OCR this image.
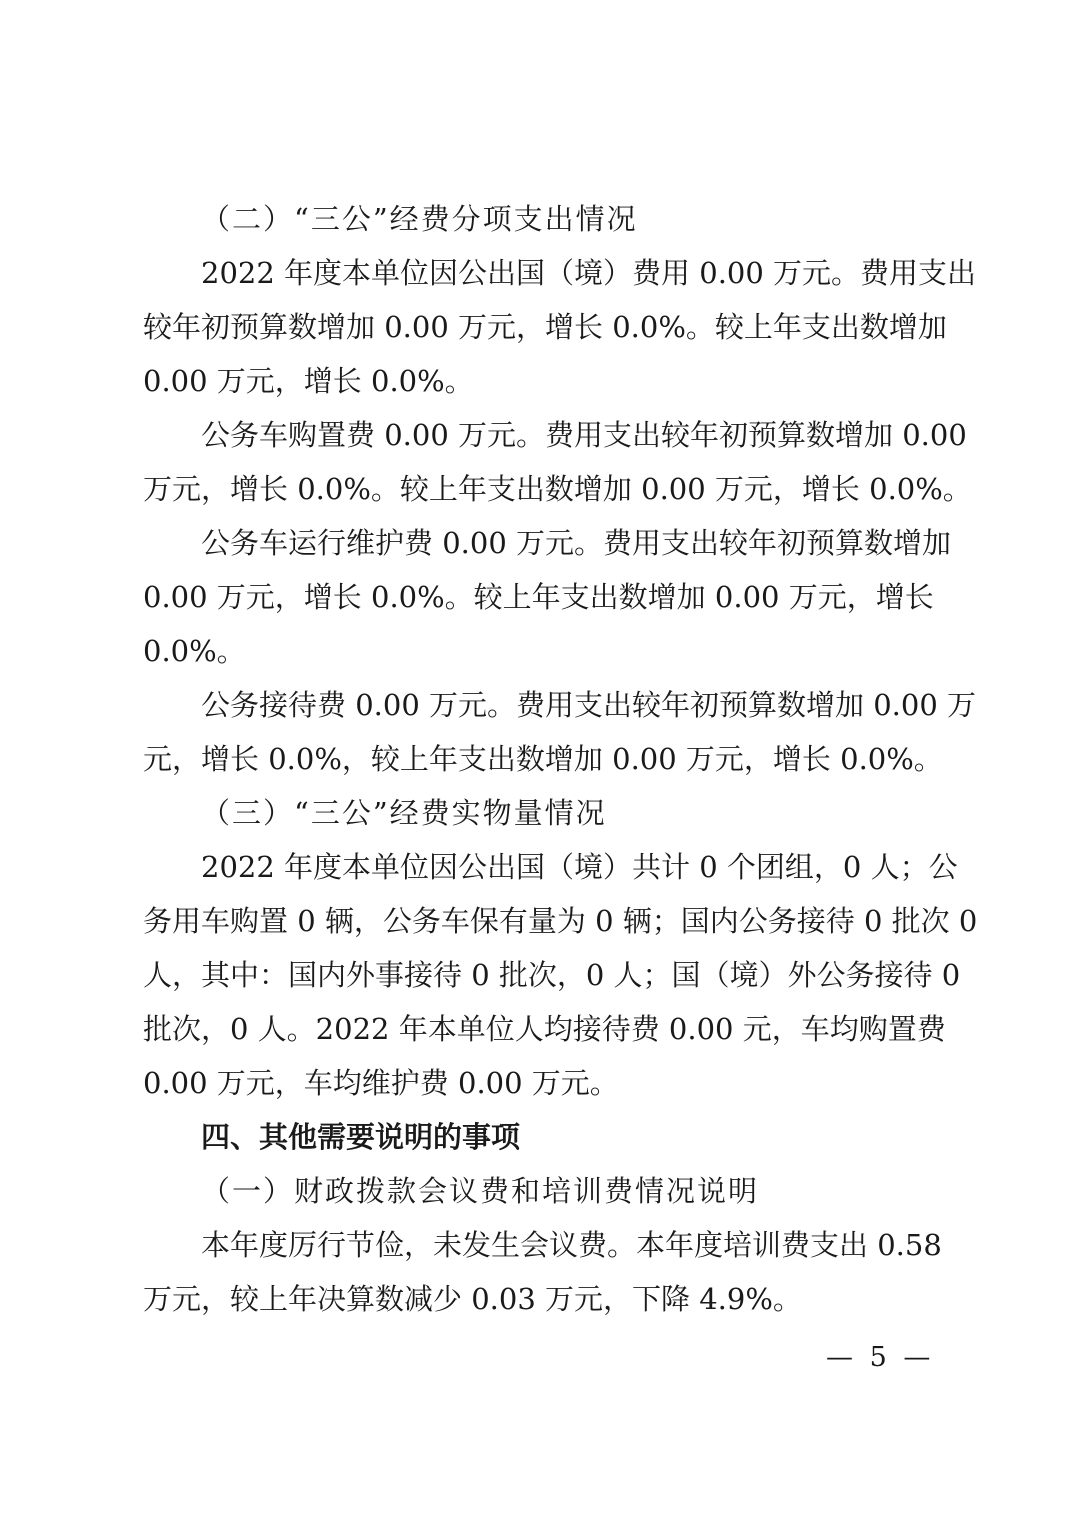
（二）“三公”经费分项支出情况
2022 年度本单位因公出国（境）费用 0.00 万元。费用支出
较年初预算数增加 0.00 万元，增长 0.0%。较上年支出数增加
0.00 万元，增长 0.0%。
公务车购置费 0.00 万元。费用支出较年初预算数增加 0.00
万元，增长 0.0%。较上年支出数增加 0.00 万元，增长 0.0%。
公务车运行维护费 0.00 万元。费用支出较年初预算数增加
0.00 万元，增长 0.0%。较上年支出数增加 0.00 万元，增长
0.0%。
公务接待费 0.00 万元。费用支出较年初预算数增加 0.00 万
元，增长 0.0%，较上年支出数增加 0.00 万元，增长 0.0%。
（三）“三公”经费实物量情况
2022 年度本单位因公出国（境）共计 0 个团组，0 人；公
务用车购置 0 辆，公务车保有量为 0 辆；国内公务接待 0 批次 0
人，其中：国内外事接待 0 批次，0 人；国（境）外公务接待 0
批次，0 人。2022 年本单位人均接待费 0.00 元，车均购置费
0.00 万元，车均维护费 0.00 万元。
四、其他需要说明的事项
（一）财政拨款会议费和培训费情况说明
本年度厉行节俭，未发生会议费。本年度培训费支出 0.58
万元，较上年决算数减少 0.03 万元，下降 4.9%。
— 5 —
